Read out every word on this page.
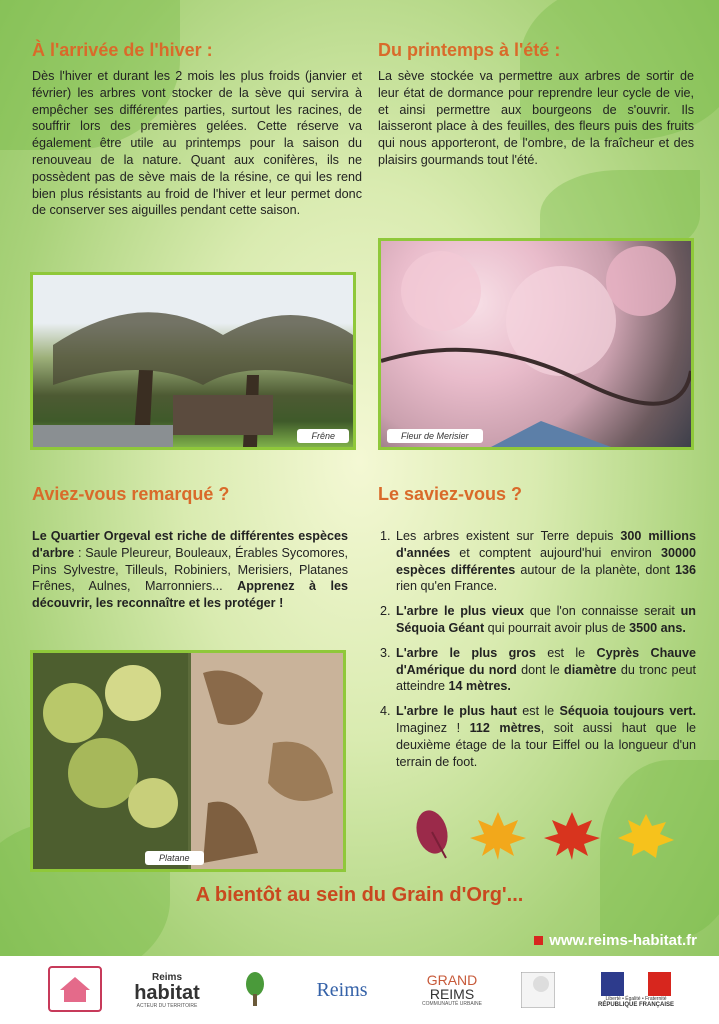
À l'arrivée de l'hiver :
Dès l'hiver et durant les 2 mois les plus froids (janvier et février) les arbres vont stocker de la sève qui servira à empêcher ses différentes parties, surtout les racines, de souffrir lors des premières gelées. Cette réserve va également être utile au printemps pour la saison du renouveau de la nature. Quant aux conifères, ils ne possèdent pas de sève mais de la résine, ce qui les rend bien plus résistants au froid de l'hiver et leur permet donc de conserver ses aiguilles pendant cette saison.
Du printemps à l'été :
La sève stockée va permettre aux arbres de sortir de leur état de dormance pour reprendre leur cycle de vie, et ainsi permettre aux bourgeons de s'ouvrir. Ils laisseront place à des feuilles, des fleurs puis des fruits qui nous apporteront, de l'ombre, de la fraîcheur et des plaisirs gourmands tout l'été.
Frêne	Fleur de Merisier
Aviez-vous remarqué ?
Le Quartier Orgeval est riche de différentes espèces d'arbre : Saule Pleureur, Bouleaux, Érables Sycomores, Pins Sylvestre, Tilleuls, Robiniers, Merisiers, Platanes Frênes, Aulnes, Marronniers... Apprenez à les découvrir, les reconnaître et les protéger !
Platane
Le saviez-vous ?
1. Les arbres existent sur Terre depuis 300 millions d'années et comptent aujourd'hui environ 30000 espèces différentes autour de la planète, dont 136 rien qu'en France.
2. L'arbre le plus vieux que l'on connaisse serait un Séquoia Géant qui pourrait avoir plus de 3500 ans.
3. L'arbre le plus gros est le Cyprès Chauve d'Amérique du nord dont le diamètre du tronc peut atteindre 14 mètres.
4. L'arbre le plus haut est le Séquoia toujours vert. Imaginez ! 112 mètres, soit aussi haut que le deuxième étage de la tour Eiffel ou la longueur d'un terrain de foot.
A bientôt au sein du Grain d'Org'...
www.reims-habitat.fr
Reims
habitat
ACTEUR DU TERRITOIRE
Reims	GRAND
REIMS
COMMUNAUTÉ URBAINE
Liberté • Égalité • Fraternité
RÉPUBLIQUE FRANÇAISE
